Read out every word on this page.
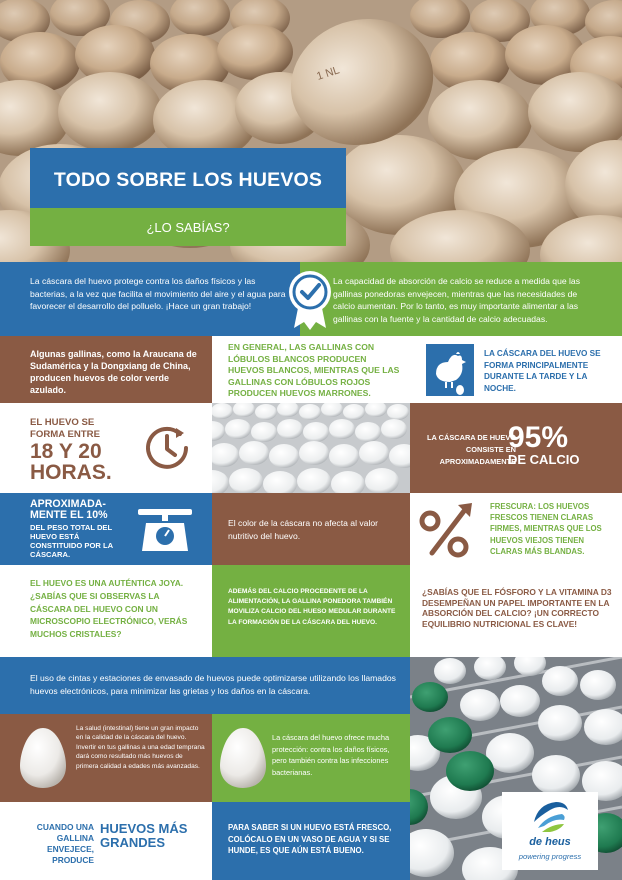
1 NL
TODO SOBRE LOS HUEVOS
¿LO SABÍAS?
La cáscara del huevo protege contra los daños físicos y las bacterias, a la vez que facilita el movimiento del aire y el agua para favorecer el desarrollo del polluelo. ¡Hace un gran trabajo!
La capacidad de absorción de calcio se reduce a medida que las gallinas ponedoras envejecen, mientras que las necesidades de calcio aumentan. Por lo tanto, es muy importante alimentar a las gallinas con la fuente y la cantidad de calcio adecuadas.
Algunas gallinas, como la Araucana de Sudamérica y la Dongxiang de China, producen huevos de color verde azulado.
EN GENERAL, LAS GALLINAS CON LÓBULOS BLANCOS PRODUCEN HUEVOS BLANCOS, MIENTRAS QUE LAS GALLINAS CON LÓBULOS ROJOS PRODUCEN HUEVOS MARRONES.
LA CÁSCARA DEL HUEVO SE FORMA PRINCIPALMENTE DURANTE LA TARDE Y LA NOCHE.
EL HUEVO SE FORMA ENTRE
18 Y 20 HORAS.
LA CÁSCARA DE HUEVO CONSISTE EN APROXIMADAMENTE
95%
DE CALCIO
APROXIMADA-MENTE EL 10%
DEL PESO TOTAL DEL HUEVO ESTÁ CONSTITUIDO POR LA CÁSCARA.
El color de la cáscara no afecta al valor nutritivo del huevo.
FRESCURA: LOS HUEVOS FRESCOS TIENEN CLARAS FIRMES, MIENTRAS QUE LOS HUEVOS VIEJOS TIENEN CLARAS MÁS BLANDAS.
EL HUEVO ES UNA AUTÉNTICA JOYA. ¿SABÍAS QUE SI OBSERVAS LA CÁSCARA DEL HUEVO CON UN MICROSCOPIO ELECTRÓNICO, VERÁS MUCHOS CRISTALES?
ADEMÁS DEL CALCIO PROCEDENTE DE LA ALIMENTACIÓN, LA GALLINA PONEDORA TAMBIÉN MOVILIZA CALCIO DEL HUESO MEDULAR DURANTE LA FORMACIÓN DE LA CÁSCARA DEL HUEVO.
¿SABÍAS QUE EL FÓSFORO Y LA VITAMINA D3 DESEMPEÑAN UN PAPEL IMPORTANTE EN LA ABSORCIÓN DEL CALCIO? ¡UN CORRECTO EQUILIBRIO NUTRICIONAL ES CLAVE!
El uso de cintas y estaciones de envasado de huevos puede optimizarse utilizando los llamados huevos electrónicos, para minimizar las grietas y los daños en la cáscara.
La salud (intestinal) tiene un gran impacto en la calidad de la cáscara del huevo. Invertir en tus gallinas a una edad temprana dará como resultado más huevos de primera calidad a edades más avanzadas.
La cáscara del huevo ofrece mucha protección: contra los daños físicos, pero también contra las infecciones bacterianas.
CUANDO UNA GALLINA ENVEJECE, PRODUCE
HUEVOS MÁS GRANDES
PARA SABER SI UN HUEVO ESTÁ FRESCO, COLÓCALO EN UN VASO DE AGUA Y SI SE HUNDE, ES QUE AÚN ESTÁ BUENO.
de heus
powering progress
